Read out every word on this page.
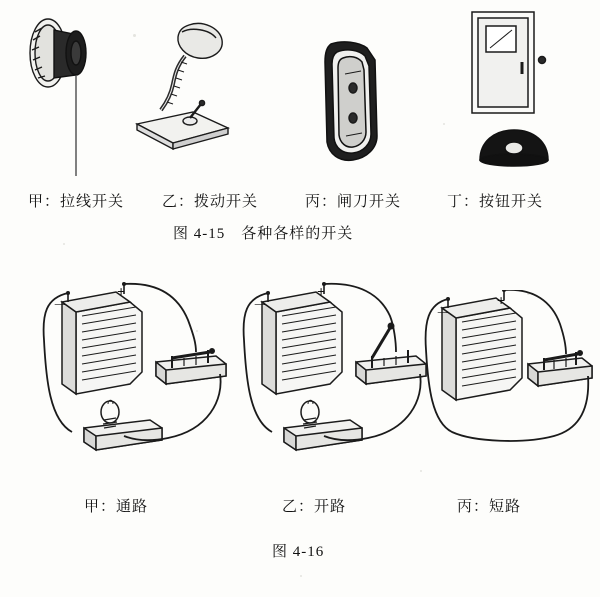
甲：拉线开关	乙：拨动开关	丙：闸刀开关	丁：按钮开关
图 4-15　各种各样的开关
+
－
+
－	+
－
甲：通路	乙：开路	丙：短路
图 4-16
